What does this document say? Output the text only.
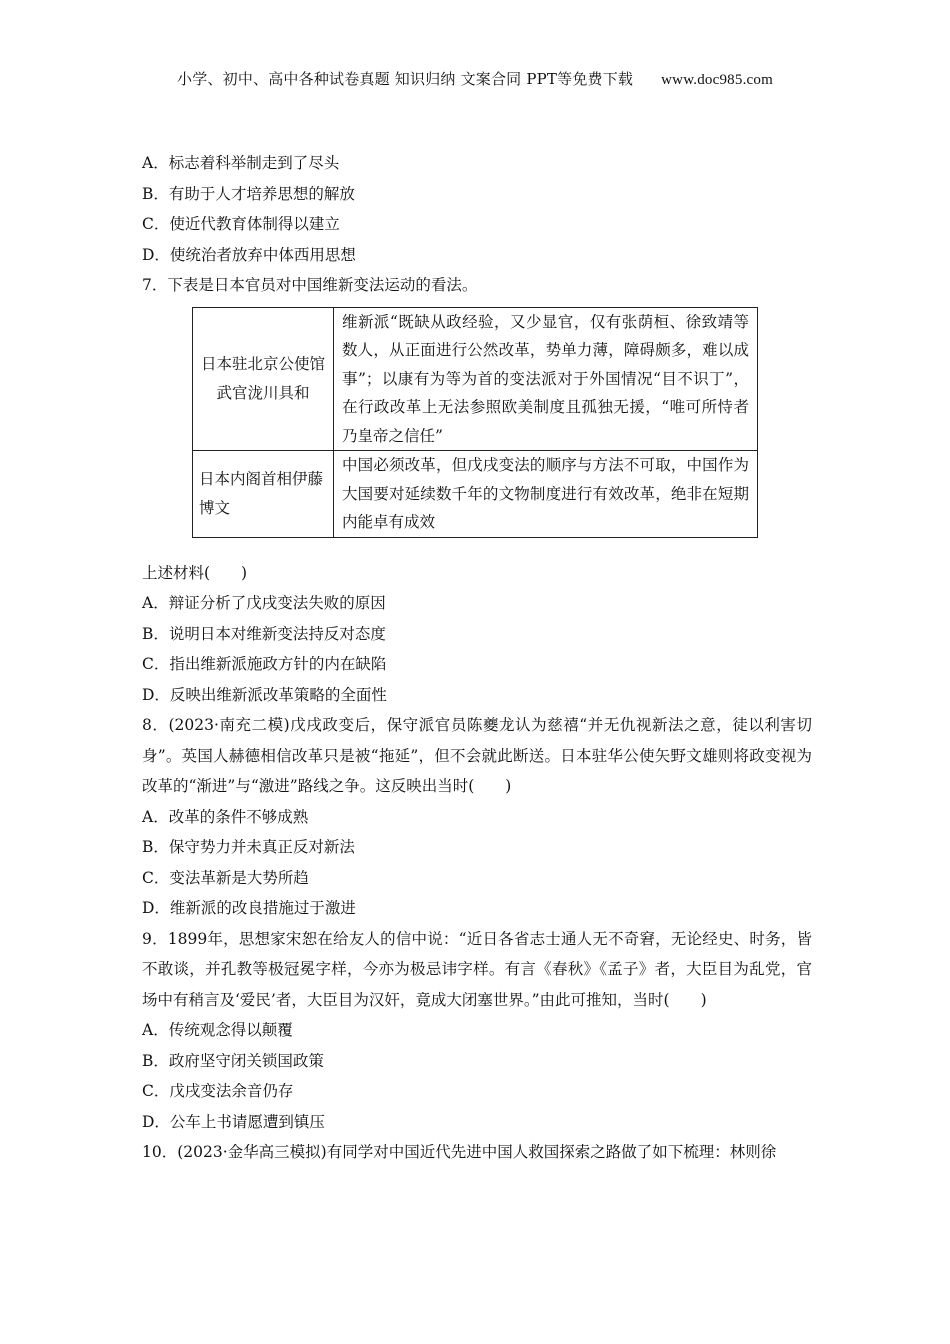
小学、初中、高中各种试卷真题 知识归纳 文案合同 PPT等免费下载 www.doc985.com
A．标志着科举制走到了尽头
B．有助于人才培养思想的解放
C．使近代教育体制得以建立
D．使统治者放弃中体西用思想
7．下表是日本官员对中国维新变法运动的看法。
日本驻北京公使馆武官泷川具和	维新派“既缺从政经验，又少显官，仅有张荫桓、徐致靖等数人，从正面进行公然改革，势单力薄，障碍颇多，难以成事”；以康有为等为首的变法派对于外国情况“目不识丁”，在行政改革上无法参照欧美制度且孤独无援，“唯可所恃者乃皇帝之信任”
日本内阁首相伊藤博文	中国必须改革，但戊戌变法的顺序与方法不可取，中国作为大国要对延续数千年的文物制度进行有效改革，绝非在短期内能卓有成效
上述材料(　　)
A．辩证分析了戊戌变法失败的原因
B．说明日本对维新变法持反对态度
C．指出维新派施政方针的内在缺陷
D．反映出维新派改革策略的全面性
8．(2023·南充二模)戊戌政变后，保守派官员陈夔龙认为慈禧“并无仇视新法之意，徒以利害切身”。英国人赫德相信改革只是被“拖延”，但不会就此断送。日本驻华公使矢野文雄则将政变视为改革的“渐进”与“激进”路线之争。这反映出当时(　　)
A．改革的条件不够成熟
B．保守势力并未真正反对新法
C．变法革新是大势所趋
D．维新派的改良措施过于激进
9．1899年，思想家宋恕在给友人的信中说：“近日各省志士通人无不奇窘，无论经史、时务，皆不敢谈，并孔教等极冠冕字样，今亦为极忌讳字样。有言《春秋》《孟子》者，大臣目为乱党，官场中有稍言及‘爱民’者，大臣目为汉奸，竟成大闭塞世界。”由此可推知，当时(　　)
A．传统观念得以颠覆
B．政府坚守闭关锁国政策
C．戊戌变法余音仍存
D．公车上书请愿遭到镇压
10．(2023·金华高三模拟)有同学对中国近代先进中国人救国探索之路做了如下梳理：林则徐
